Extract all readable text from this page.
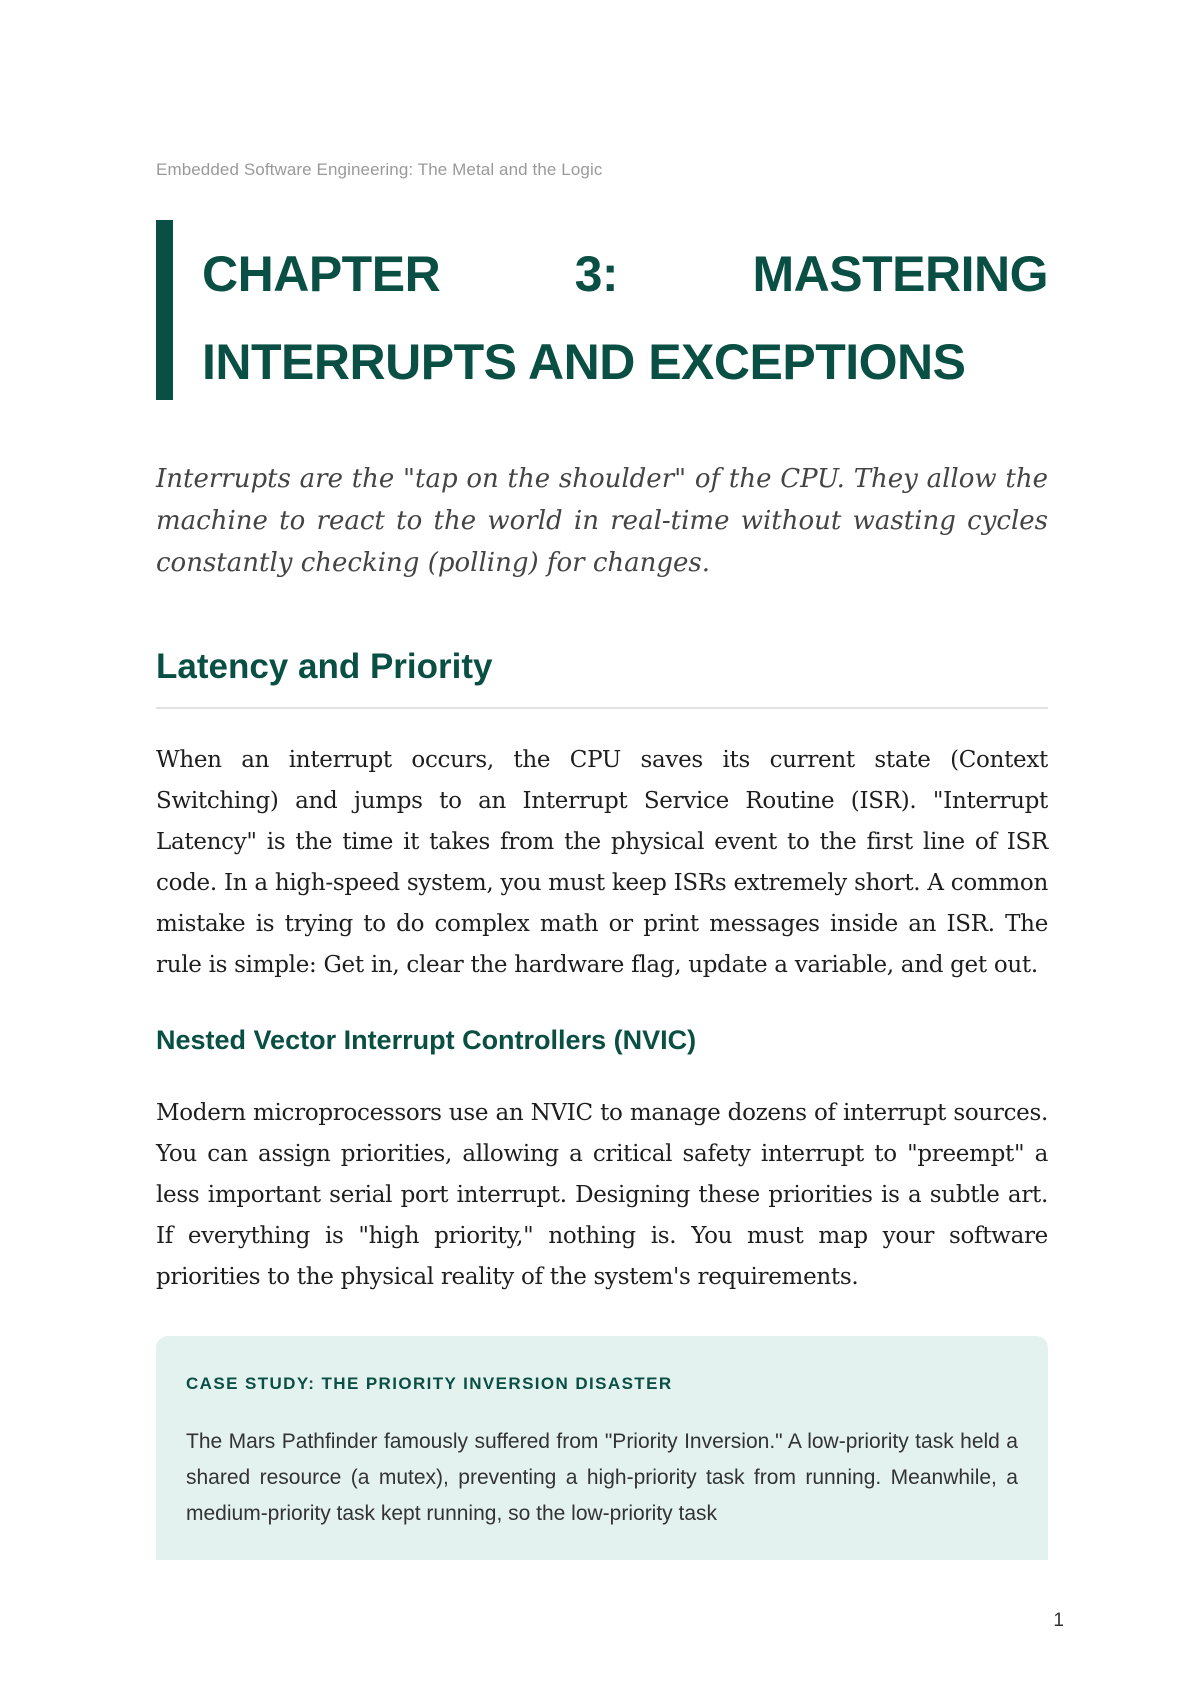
Embedded Software Engineering: The Metal and the Logic
CHAPTER 3: MASTERING INTERRUPTS AND EXCEPTIONS

Interrupts are the "tap on the shoulder" of the CPU. They allow the machine to react to the world in real-time without wasting cycles constantly checking (polling) for changes.

Latency and Priority

When an interrupt occurs, the CPU saves its current state (Context Switching) and jumps to an Interrupt Service Routine (ISR). "Interrupt Latency" is the time it takes from the physical event to the first line of ISR code. In a high-speed system, you must keep ISRs extremely short. A common mistake is trying to do complex math or print messages inside an ISR. The rule is simple: Get in, clear the hardware flag, update a variable, and get out.

Nested Vector Interrupt Controllers (NVIC)

Modern microprocessors use an NVIC to manage dozens of interrupt sources. You can assign priorities, allowing a critical safety interrupt to "preempt" a less important serial port interrupt. Designing these priorities is a subtle art. If everything is "high priority," nothing is. You must map your software priorities to the physical reality of the system's requirements.

CASE STUDY: THE PRIORITY INVERSION DISASTER

The Mars Pathfinder famously suffered from "Priority Inversion." A low-priority task held a shared resource (a mutex), preventing a high-priority task from running. Meanwhile, a medium-priority task kept running, so the low-priority task

1
